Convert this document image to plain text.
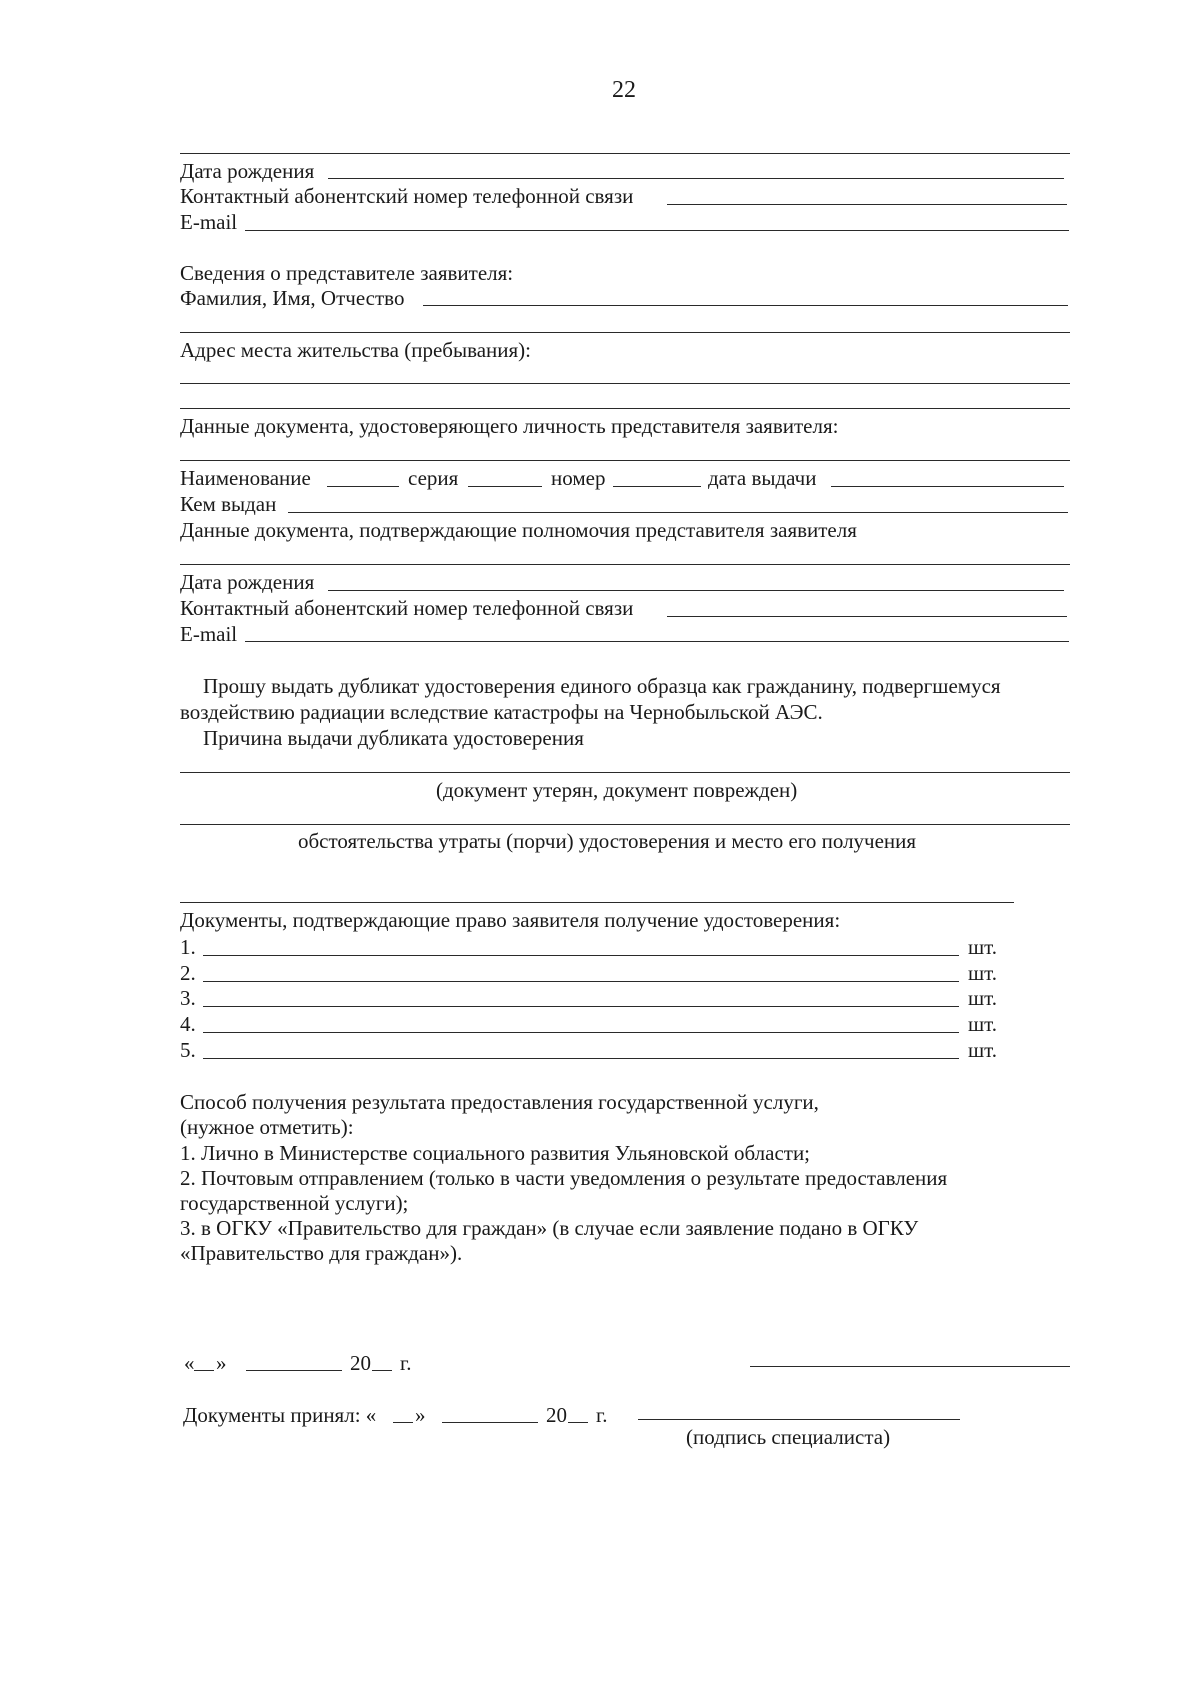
22
Дата рождения
Контактный абонентский номер телефонной связи
E-mail
Сведения о представителе заявителя:
Фамилия, Имя, Отчество
Адрес места жительства (пребывания):
Данные документа, удостоверяющего личность представителя заявителя:
Наименование	серия	номер	дата выдачи
Кем выдан
Данные документа, подтверждающие полномочия представителя заявителя
Дата рождения
Контактный абонентский номер телефонной связи
E-mail
Прошу выдать дубликат удостоверения единого образца как гражданину, подвергшемуся
воздействию радиации вследствие катастрофы на Чернобыльской АЭС.
Причина выдачи дубликата удостоверения
(документ утерян, документ поврежден)
обстоятельства утраты (порчи) удостоверения и место его получения
Документы, подтверждающие право заявителя получение удостоверения:
1.	шт.
2.	шт.
3.	шт.
4.	шт.
5.	шт.
Способ получения результата предоставления государственной услуги,
(нужное отметить):
1. Лично в Министерстве социального развития Ульяновской области;
2. Почтовым отправлением (только в части уведомления о результате предоставления
государственной услуги);
3. в ОГКУ «Правительство для граждан» (в случае если заявление подано в ОГКУ
«Правительство для граждан»).
« »	20 г.
Документы принял: « »	20 г.
(подпись специалиста)
